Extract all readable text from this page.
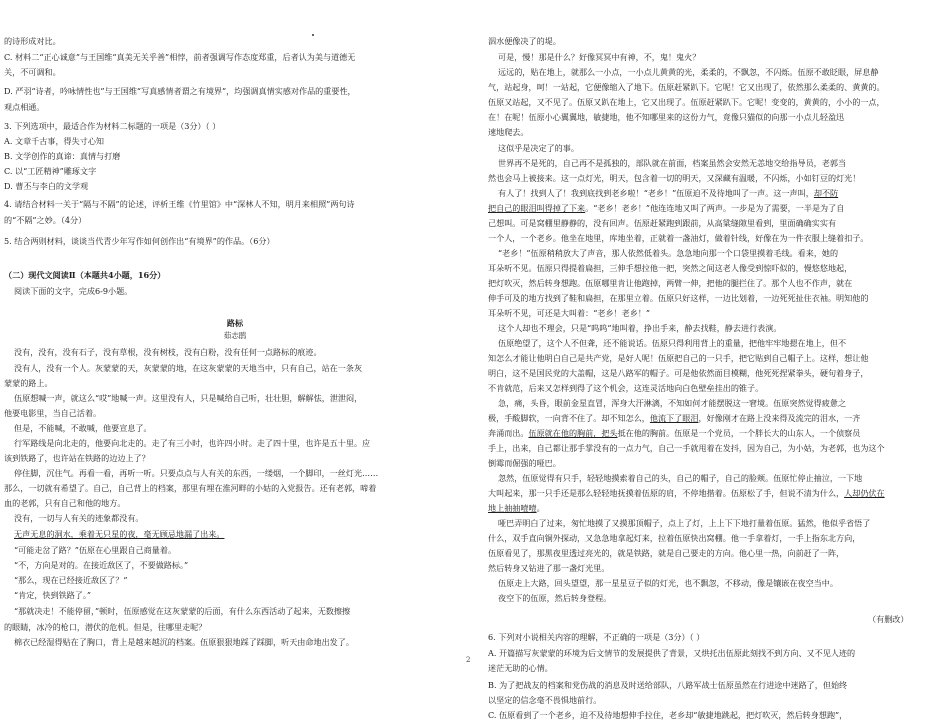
的诗形成对比。
C. 材料二“正心诚意”与王国维“真美无关乎善”相悖，前者强调写作态度郑重，后者认为美与道德无
关，不可调和。
D. 严羽“诗者，吟咏情性也”与王国维“写真感情者谓之有境界”，均强调真情实感对作品的重要性，
观点相通。
3. 下列选项中，最适合作为材料二标题的一项是（3分）（ ）
A. 文章千古事，得失寸心知
B. 文学创作的真谛：真情与打磨
C. 以“工匠精神”雕琢文字
D. 曹丕与李白的文学观
4. 请结合材料一关于“隔与不隔”的论述，评析王维《竹里馆》中“深林人不知，明月来相照”两句诗
的“不隔”之妙。（4分）
5. 结合两则材料，谈谈当代青少年写作如何创作出“有境界”的作品。（6分）
（二）现代文阅读Ⅱ（本题共4小题，16分）
阅读下面的文字，完成6-9小题。
路标
茹志鹃
没有，没有，没有石子，没有草根，没有树枝，没有白粉，没有任何一点路标的痕迹。
没有人，没有一个人。灰蒙蒙的天，灰蒙蒙的地，在这灰蒙蒙的天地当中，只有自己，站在一条灰
蒙蒙的路上。
伍原想喊一声，就这么“哎”地喊一声。这里没有人，只是喊给自己听，壮壮胆，解解怯，泄泄闷，
他要电影里，当自己活着。
但是，不能喊，不敢喊，他要宣息了。
行军路线是向北走的，他要向北走的。走了有三小时，也许四小时。走了四十里，也许是五十里。应
该到铁路了，也许站在铁路的边边上了？
停住脚，沉住气。再看一看，再听一听。只要点点与人有关的东西，一缕烟，一个脚印，一丝灯光……
那么，一切就有希望了。自己，自己背上的档案，那里有埋在淮河畔的小姑的入党报告。还有老郭，啼着
血的老郭，只有自己和他的地方。
没有，一切与人有关的迹象都没有。
无声无息的洞水，乘着无只星的夜，毫无顾忌地漏了出来。
“可能走岔了路？”伍原在心里跟自己商量着。
“不，方向是对的。在接近敌区了，不要做路标。”
“那么，现在已经接近敌区了？”
“肯定，快到铁路了。”
“那就决走！不能停留，”顿时，伍原感觉在这灰蒙蒙的后面，有什么东西活动了起来，无数擦擦
的眼睛，冰冷的枪口，潜伏的危机。但是，往哪里走呢？
棉衣已经湿得贴在了胸口，背上是越来越沉的档案。伍原狠狠地踩了踩脚，听天由命地出发了。
泅水便像决了的堤。
可是，慢！那是什么？好像冥冥中有神，不，鬼！鬼火？
远远的，贴在地上，就那么一小点，一小点儿黄黄的光，柔柔的，不飘忽，不闪烁。伍原不敢眨眼，屏息静
气，站起身，呵！一站起，它便像缩入了地下。伍原赶紧趴下。它呢！它又出现了，依然那么柔柔的、黄黄的。
伍原又站起，又不见了。伍原又趴在地上，它又出现了。伍原赶紧趴下。它呢！变变的，黄黄的，小小的一点，
在！在呢！伍原小心翼翼地，敏捷地，他不知哪里来的这份力气，竟像只猫似的向那一小点儿轻盈迅
速地爬去。
这似乎是决定了的事。
世界再不是死的，自己再不是孤独的，部队就在前面，档案虽然会安然无恙地交给指导员，老郭当
然也会马上被接来。这一点灯光，明天，包含着一切的明天，又深藏有温暖，不闪烁，小如钉豆的灯光！
有人了！找到人了！我到底找到老乡啦！“老乡！”伍原迫不及待地叫了一声。这一声叫，却不防
把自己的眼泪叫得掉了下来。“老乡！老乡！”他连连地又叫了两声。一步是为了需要，一半是为了自
己想叫。可是窝棚里静静的，没有回声。伍原赶紧跑到跟前，从高粱缝隙里看到，里面确确实实有
一个人，一个老乡。他坐在地里，库地坐着，正就着一盏油灯，做着针线，好像在为一件衣服上缝着扣子。
“老乡！”伍原稍稍放大了声音，那人依然低着头。急急地向那一个口袋里摸着毛线。看来，她的
耳朵听不见。伍原只得提着扁担，三伸手想拉他一把，突然之间这老人像受到惊吓似的，慢悠悠地起，
把灯吹灭，然后转身想跑。伍原哪里肯让他跑掉，两臂一伸，把他的腿拦住了。那个人也不作声，就在
伸手可及的地方找到了鞋和扁担，在那里立着。伍原只好这样，一边比划着，一边死死扯住衣袖。明知他的
耳朵听不见，可还是大叫着：“老乡！老乡！”
这个人却也不理会，只是“呜呜”地叫着，挣出手来，静去找鞋，静去进行表演。
伍原绝望了，这个人不但聋，还不能说话。伍原只得利用背上的重量，把他牢牢地摁在地上，但不
知怎么才能让他明白自己是共产党，是好人呢！伍原把自己的一只手，把它贴到自己帽子上。这样，想让他
明白，这不是国民党的大盖帽，这是八路军的帽子。可是他依然面目模糊，他死死捏紧拳头，硬句着身子，
不肯就范，后来又怎样到得了这个机会，这连灵活地向白色壁垒挂出的锥子。
急，痛，头昏，眼前金星直冒，浑身大汗淋漓，不知如何才能摆脱这一窘境。伍原突然觉得疲惫之
极，手酸脚软，一向背不住了。却不知怎么，他流下了眼泪，好像刚才在路上没来得及流完的泪水，一齐
奔涌而出。伍原就在他的胸前，把头抵在他的胸前。伍原是一个党员，一个胖长大的山东人，一个侦察员
手上，出来，自己都让那手掌没有的一点力气，自己一手就甩着在发抖，因为自己，为小姑，为老郭，也为这个
倒霉而倔强的哑巴。
忽然，伍原觉得有只手，轻轻地摸索着自己的头，自己的帽子，自己的脸颊。伍原忙停止抽泣，一下地
大叫起来，那一只手还是那么轻轻地抚摸着伍原的肩，不停地揩着。伍原松了手，但说不清为什么，人却仍伏在
地上抽抽噎噎。
哑巴弄明白了过来，匆忙地摸了又摸那顶帽子，点上了灯，上上下下地打量着伍原。猛然，他似乎省悟了
什么，双手直向铜外探动，又急急地拿起灯来，拉着伍原快出窝棚。他一手拿着灯，一手上指东北方向，
伍原看见了，那黑夜里透过亮光的，就是铁路，就是自己要走的方向。他心里一热，向前赶了一阵，
然后转身又钻进了那一盏灯光里。
伍原走上大路，回头望望，那一星星豆子似的灯光，也不飘忽，不移动，像是镶嵌在夜空当中。
夜空下的伍原，然后转身登程。
（有删改）
6. 下列对小说相关内容的理解，不正确的一项是（3分）（ ）
A. 开篇描写灰蒙蒙的环境为后文情节的发展提供了背景，又烘托出伍原此刻找不到方向、又不见人迹的
迷茫无助的心情。
B. 为了把战友的档案和党伤战的消息及时送给部队，八路军战士伍原虽然在行进途中迷路了，但始终
以坚定的信念毫不畏惧地前行。
C. 伍原看到了一个老乡，迫不及待地想伸手拉住，老乡却“敏捷地跳起，把灯吹灭，然后转身想跑”，
2
